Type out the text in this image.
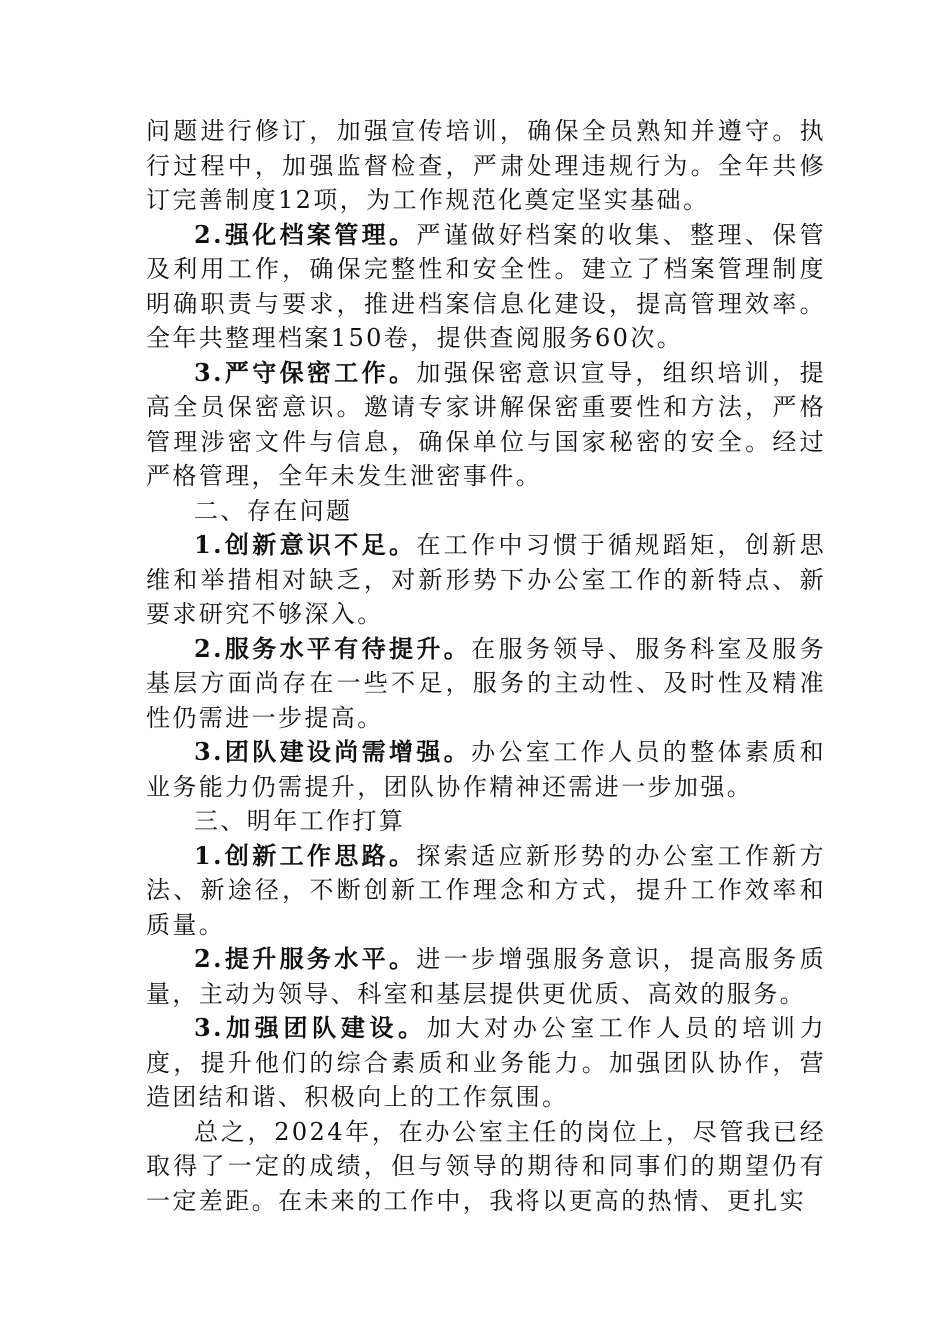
问题进行修订，加强宣传培训，确保全员熟知并遵守。执行过程中，加强监督检查，严肃处理违规行为。全年共修订完善制度12项，为工作规范化奠定坚实基础。

2.强化档案管理。严谨做好档案的收集、整理、保管及利用工作，确保完整性和安全性。建立了档案管理制度明确职责与要求，推进档案信息化建设，提高管理效率。全年共整理档案150卷，提供查阅服务60次。

3.严守保密工作。加强保密意识宣导，组织培训，提高全员保密意识。邀请专家讲解保密重要性和方法，严格管理涉密文件与信息，确保单位与国家秘密的安全。经过严格管理，全年未发生泄密事件。

二、存在问题

1.创新意识不足。在工作中习惯于循规蹈矩，创新思维和举措相对缺乏，对新形势下办公室工作的新特点、新要求研究不够深入。

2.服务水平有待提升。在服务领导、服务科室及服务基层方面尚存在一些不足，服务的主动性、及时性及精准性仍需进一步提高。

3.团队建设尚需增强。办公室工作人员的整体素质和业务能力仍需提升，团队协作精神还需进一步加强。

三、明年工作打算

1.创新工作思路。探索适应新形势的办公室工作新方法、新途径，不断创新工作理念和方式，提升工作效率和质量。

2.提升服务水平。进一步增强服务意识，提高服务质量，主动为领导、科室和基层提供更优质、高效的服务。

3.加强团队建设。加大对办公室工作人员的培训力度，提升他们的综合素质和业务能力。加强团队协作，营造团结和谐、积极向上的工作氛围。

总之，2024年，在办公室主任的岗位上，尽管我已经取得了一定的成绩，但与领导的期待和同事们的期望仍有一定差距。在未来的工作中，我将以更高的热情、更扎实
